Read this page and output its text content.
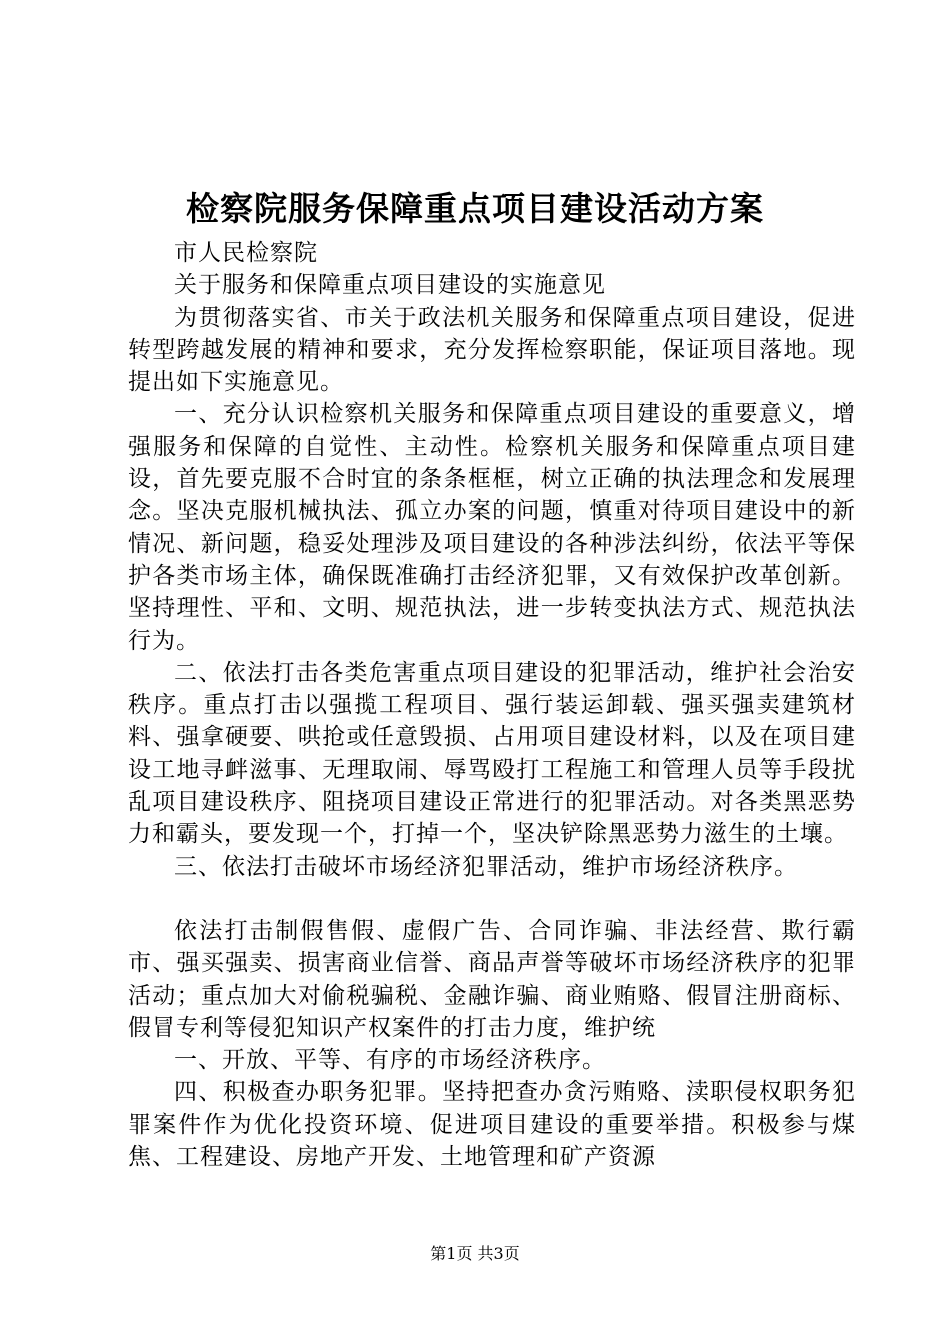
检察院服务保障重点项目建设活动方案

市人民检察院

关于服务和保障重点项目建设的实施意见

为贯彻落实省、市关于政法机关服务和保障重点项目建设，促进转型跨越发展的精神和要求，充分发挥检察职能，保证项目落地。现提出如下实施意见。

一、充分认识检察机关服务和保障重点项目建设的重要意义，增强服务和保障的自觉性、主动性。检察机关服务和保障重点项目建设，首先要克服不合时宜的条条框框，树立正确的执法理念和发展理念。坚决克服机械执法、孤立办案的问题，慎重对待项目建设中的新情况、新问题，稳妥处理涉及项目建设的各种涉法纠纷，依法平等保护各类市场主体，确保既准确打击经济犯罪，又有效保护改革创新。坚持理性、平和、文明、规范执法，进一步转变执法方式、规范执法行为。

二、依法打击各类危害重点项目建设的犯罪活动，维护社会治安秩序。重点打击以强揽工程项目、强行装运卸载、强买强卖建筑材料、强拿硬要、哄抢或任意毁损、占用项目建设材料，以及在项目建设工地寻衅滋事、无理取闹、辱骂殴打工程施工和管理人员等手段扰乱项目建设秩序、阻挠项目建设正常进行的犯罪活动。对各类黑恶势力和霸头，要发现一个，打掉一个，坚决铲除黑恶势力滋生的土壤。

三、依法打击破坏市场经济犯罪活动，维护市场经济秩序。

依法打击制假售假、虚假广告、合同诈骗、非法经营、欺行霸市、强买强卖、损害商业信誉、商品声誉等破坏市场经济秩序的犯罪活动；重点加大对偷税骗税、金融诈骗、商业贿赂、假冒注册商标、假冒专利等侵犯知识产权案件的打击力度，维护统

一、开放、平等、有序的市场经济秩序。

四、积极查办职务犯罪。坚持把查办贪污贿赂、渎职侵权职务犯罪案件作为优化投资环境、促进项目建设的重要举措。积极参与煤焦、工程建设、房地产开发、土地管理和矿产资源

第1页 共3页
